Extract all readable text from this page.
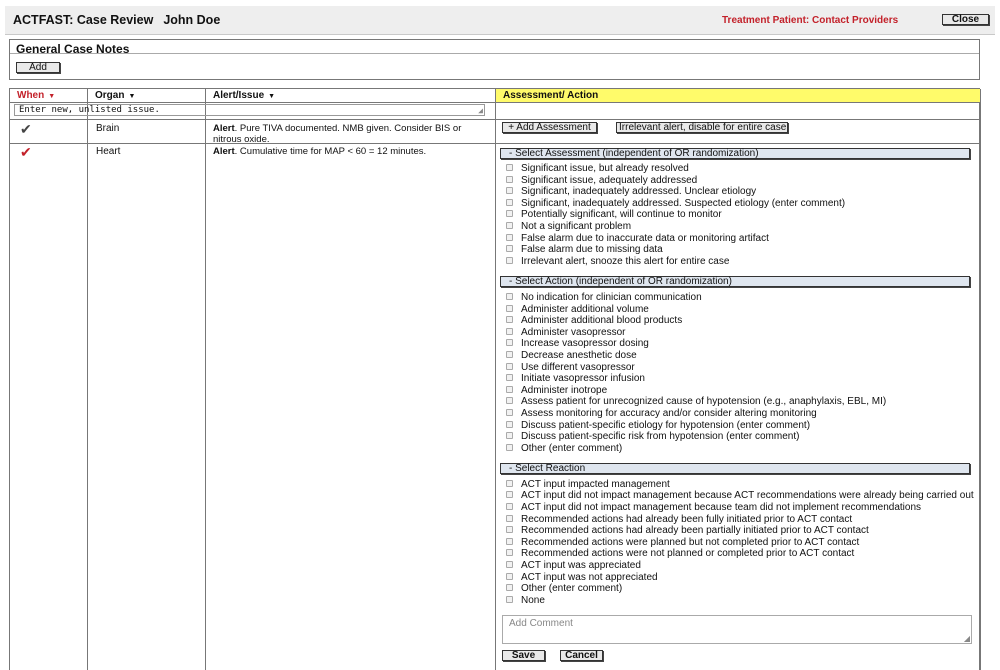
ACTFAST: Case Review John Doe	Treatment Patient: Contact Providers	Close
General Case Notes
Add
When ▼	Organ ▼	Alert/Issue ▼	Assessment/ Action
Enter new, unlisted issue.	◢
✔	Brain	Alert. Pure TIVA documented. NMB given. Consider BIS or nitrous oxide.
+ Add Assessment	Irrelevant alert, disable for entire case
✔	Heart	Alert. Cumulative time for MAP < 60 = 12 minutes.	- Select Assessment (independent of OR randomization)
Significant issue, but already resolved
Significant issue, adequately addressed
Significant, inadequately addressed. Unclear etiology
Significant, inadequately addressed. Suspected etiology (enter comment)
Potentially significant, will continue to monitor
Not a significant problem
False alarm due to inaccurate data or monitoring artifact
False alarm due to missing data
Irrelevant alert, snooze this alert for entire case
- Select Action (independent of OR randomization)
No indication for clinician communication
Administer additional volume
Administer additional blood products
Administer vasopressor
Increase vasopressor dosing
Decrease anesthetic dose
Use different vasopressor
Initiate vasopressor infusion
Administer inotrope
Assess patient for unrecognized cause of hypotension (e.g., anaphylaxis, EBL, MI)
Assess monitoring for accuracy and/or consider altering monitoring
Discuss patient-specific etiology for hypotension (enter comment)
Discuss patient-specific risk from hypotension (enter comment)
Other (enter comment)
- Select Reaction
ACT input impacted management
ACT input did not impact management because ACT recommendations were already being carried out
ACT input did not impact management because team did not implement recommendations
Recommended actions had already been fully initiated prior to ACT contact
Recommended actions had already been partially initiated prior to ACT contact
Recommended actions were planned but not completed prior to ACT contact
Recommended actions were not planned or completed prior to ACT contact
ACT input was appreciated
ACT input was not appreciated
Other (enter comment)
None
Add Comment
◢
Save	Cancel
